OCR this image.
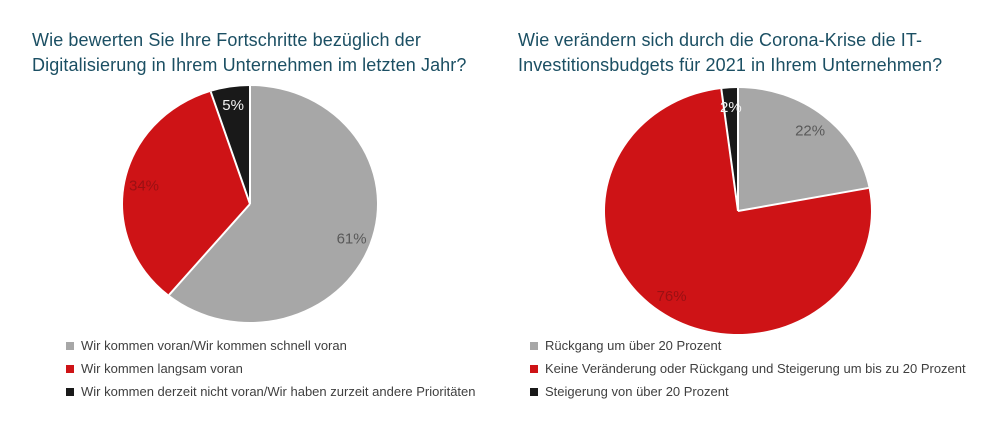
Wie bewerten Sie Ihre Fortschritte bezüglich der
Digitalisierung in Ihrem Unternehmen im letzten Jahr?
61%
34%
5%
Wir kommen voran/Wir kommen schnell voran
Wir kommen langsam voran
Wir kommen derzeit nicht voran/Wir haben zurzeit andere Prioritäten
Wie verändern sich durch die Corona-Krise die IT-
Investitionsbudgets für 2021 in Ihrem Unternehmen?
22%
76%
2%
Rückgang um über 20 Prozent
Keine Veränderung oder Rückgang und Steigerung um bis zu 20 Prozent
Steigerung von über 20 Prozent
